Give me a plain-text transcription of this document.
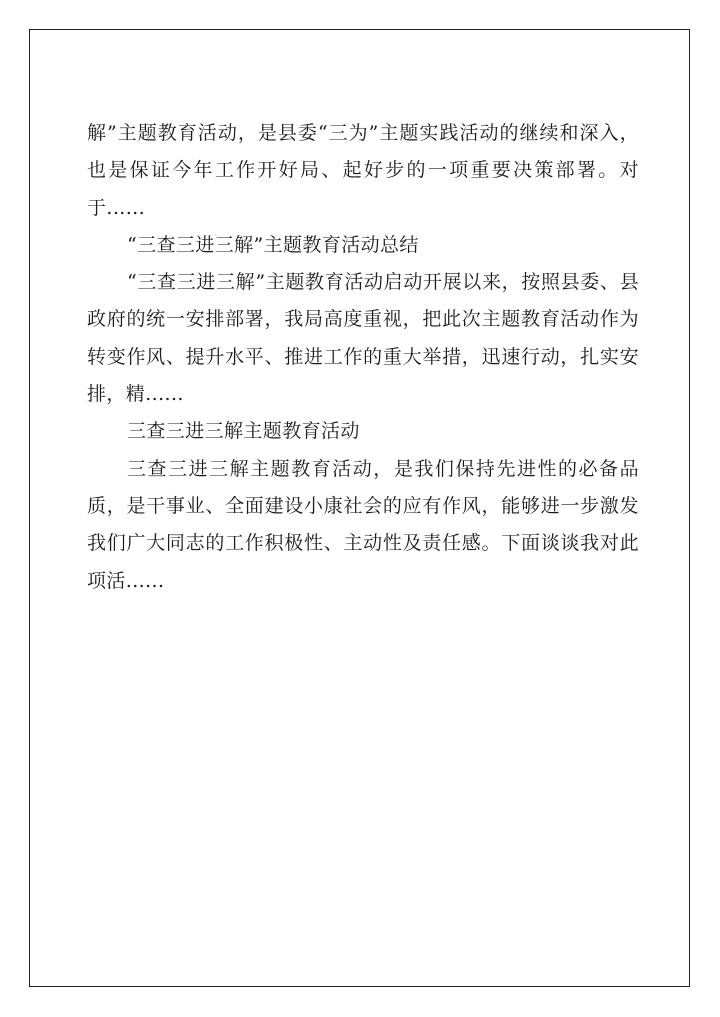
解”主题教育活动，是县委“三为”主题实践活动的继续和深入，也是保证今年工作开好局、起好步的一项重要决策部署。对于......

“三查三进三解”主题教育活动总结

“三查三进三解”主题教育活动启动开展以来，按照县委、县政府的统一安排部署，我局高度重视，把此次主题教育活动作为转变作风、提升水平、推进工作的重大举措，迅速行动，扎实安排，精......

三查三进三解主题教育活动

三查三进三解主题教育活动，是我们保持先进性的必备品质，是干事业、全面建设小康社会的应有作风，能够进一步激发我们广大同志的工作积极性、主动性及责任感。下面谈谈我对此项活......
